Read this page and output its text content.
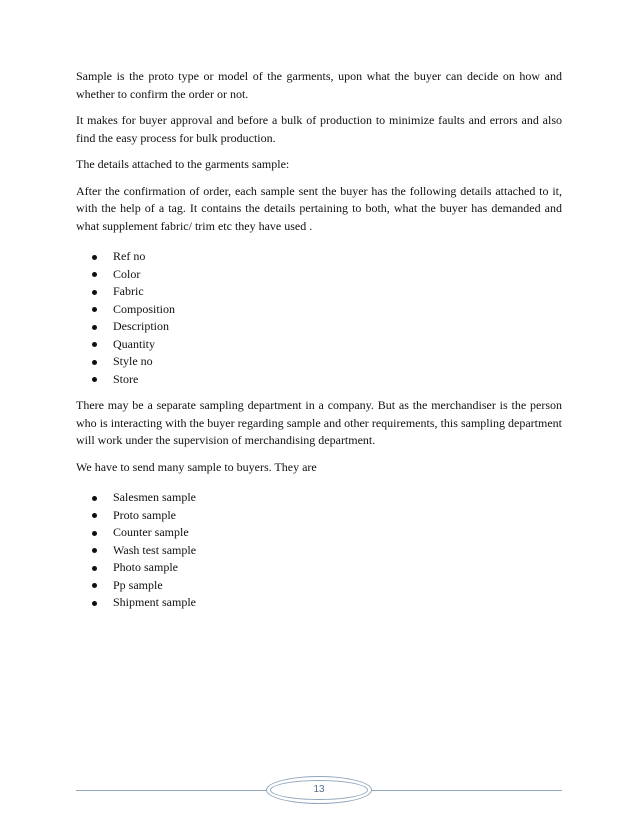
Sample is the proto type or model of the garments, upon what the buyer can decide on how and whether to confirm the order or not.

It makes for buyer approval and before a bulk of production to minimize faults and errors and also find the easy process for bulk production.

The details attached to the garments sample:

After the confirmation of order, each sample sent the buyer has the following details attached to it, with the help of a tag. It contains the details pertaining to both, what the buyer has demanded and what supplement fabric/ trim etc they have used .

Ref no
Color
Fabric
Composition
Description
Quantity
Style no
Store

There may be a separate sampling department in a company. But as the merchandiser is the person who is interacting with the buyer regarding sample and other requirements, this sampling department will work under the supervision of merchandising department.

We have to send many sample to buyers. They are

Salesmen sample
Proto sample
Counter sample
Wash test sample
Photo sample
Pp sample
Shipment sample
13
